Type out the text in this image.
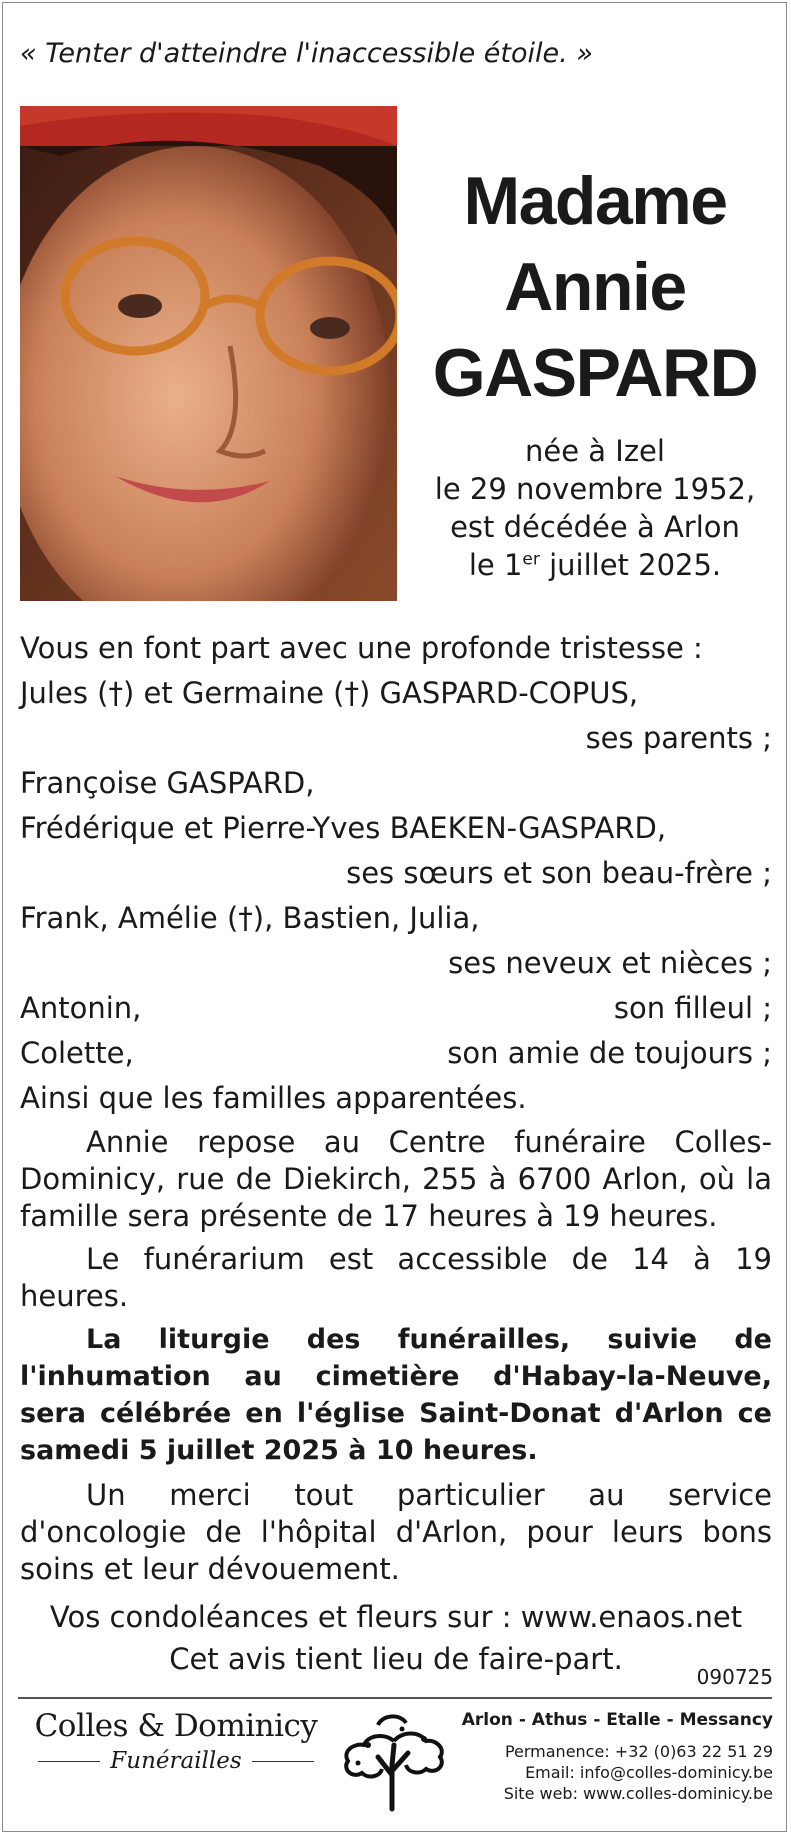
« Tenter d'atteindre l'inaccessible étoile. »
Madame
Annie
GASPARD
née à Izel
le 29 novembre 1952,
est décédée à Arlon
le 1er juillet 2025.
Vous en font part avec une profonde tristesse :
Jules (†) et Germaine (†) GASPARD-COPUS,
ses parents ;
Françoise GASPARD,
Frédérique et Pierre-Yves BAEKEN-GASPARD,
ses sœurs et son beau-frère ;
Frank, Amélie (†), Bastien, Julia,
ses neveux et nièces ;
Antonin,	son filleul ;
Colette,	son amie de toujours ;
Ainsi que les familles apparentées.
Annie repose au Centre funéraire Colles-Dominicy, rue de Diekirch, 255 à 6700 Arlon, où la famille sera présente de 17 heures à 19 heures.
Le funérarium est accessible de 14 à 19 heures.
La liturgie des funérailles, suivie de l'inhumation au cimetière d'Habay-la-Neuve, sera célébrée en l'église Saint-Donat d'Arlon ce samedi 5 juillet 2025 à 10 heures.
Un merci tout particulier au service d'oncologie de l'hôpital d'Arlon, pour leurs bons soins et leur dévouement.
Vos condoléances et fleurs sur : www.enaos.net
Cet avis tient lieu de faire-part.
090725
Colles & Dominicy
Funérailles
Arlon - Athus - Etalle - Messancy
Permanence: +32 (0)63 22 51 29
Email: info@colles-dominicy.be
Site web: www.colles-dominicy.be
